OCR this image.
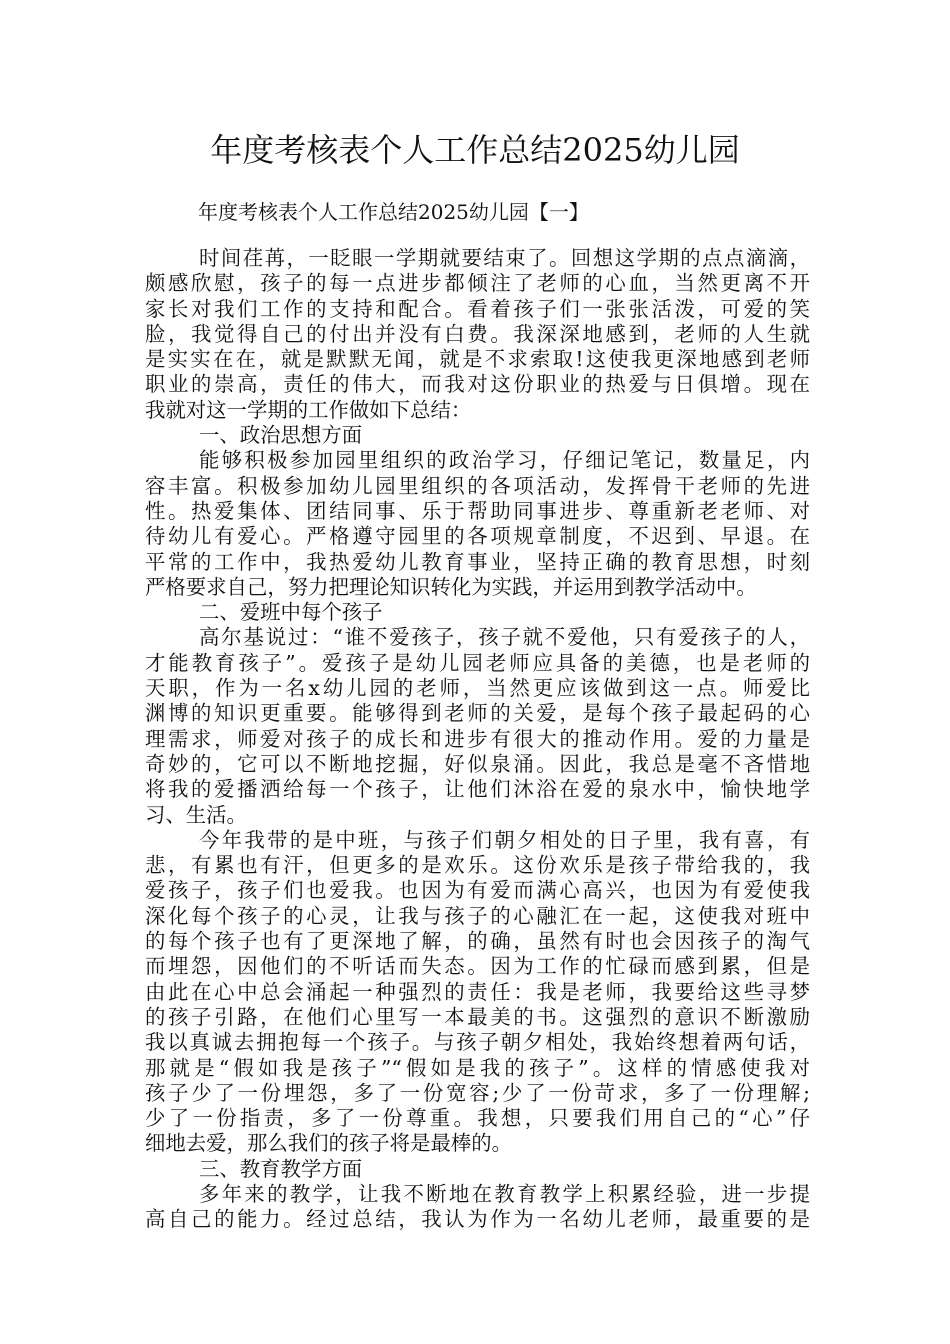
年度考核表个人工作总结2025幼儿园

年度考核表个人工作总结2025幼儿园【一】

时间荏苒，一眨眼一学期就要结束了。回想这学期的点点滴滴，
颇感欣慰，孩子的每一点进步都倾注了老师的心血，当然更离不开
家长对我们工作的支持和配合。看着孩子们一张张活泼，可爱的笑
脸，我觉得自己的付出并没有白费。我深深地感到，老师的人生就
是实实在在，就是默默无闻，就是不求索取!这使我更深地感到老师
职业的崇高，责任的伟大，而我对这份职业的热爱与日俱增。现在
我就对这一学期的工作做如下总结：
一、政治思想方面
能够积极参加园里组织的政治学习，仔细记笔记，数量足，内
容丰富。积极参加幼儿园里组织的各项活动，发挥骨干老师的先进
性。热爱集体、团结同事、乐于帮助同事进步、尊重新老老师、对
待幼儿有爱心。严格遵守园里的各项规章制度，不迟到、早退。在
平常的工作中，我热爱幼儿教育事业，坚持正确的教育思想，时刻
严格要求自己，努力把理论知识转化为实践，并运用到教学活动中。
二、爱班中每个孩子
高尔基说过：“谁不爱孩子，孩子就不爱他，只有爱孩子的人，
才能教育孩子”。爱孩子是幼儿园老师应具备的美德，也是老师的
天职，作为一名x幼儿园的老师，当然更应该做到这一点。师爱比
渊博的知识更重要。能够得到老师的关爱，是每个孩子最起码的心
理需求，师爱对孩子的成长和进步有很大的推动作用。爱的力量是
奇妙的，它可以不断地挖掘，好似泉涌。因此，我总是毫不吝惜地
将我的爱播洒给每一个孩子，让他们沐浴在爱的泉水中，愉快地学
习、生活。
今年我带的是中班，与孩子们朝夕相处的日子里，我有喜，有
悲，有累也有汗，但更多的是欢乐。这份欢乐是孩子带给我的，我
爱孩子，孩子们也爱我。也因为有爱而满心高兴，也因为有爱使我
深化每个孩子的心灵，让我与孩子的心融汇在一起，这使我对班中
的每个孩子也有了更深地了解，的确，虽然有时也会因孩子的淘气
而埋怨，因他们的不听话而失态。因为工作的忙碌而感到累，但是
由此在心中总会涌起一种强烈的责任：我是老师，我要给这些寻梦
的孩子引路，在他们心里写一本最美的书。这强烈的意识不断激励
我以真诚去拥抱每一个孩子。与孩子朝夕相处，我始终想着两句话，
那就是“假如我是孩子”“假如是我的孩子”。这样的情感使我对
孩子少了一份埋怨，多了一份宽容;少了一份苛求，多了一份理解;
少了一份指责，多了一份尊重。我想，只要我们用自己的“心”仔
细地去爱，那么我们的孩子将是最棒的。
三、教育教学方面
多年来的教学，让我不断地在教育教学上积累经验，进一步提
高自己的能力。经过总结，我认为作为一名幼儿老师，最重要的是
